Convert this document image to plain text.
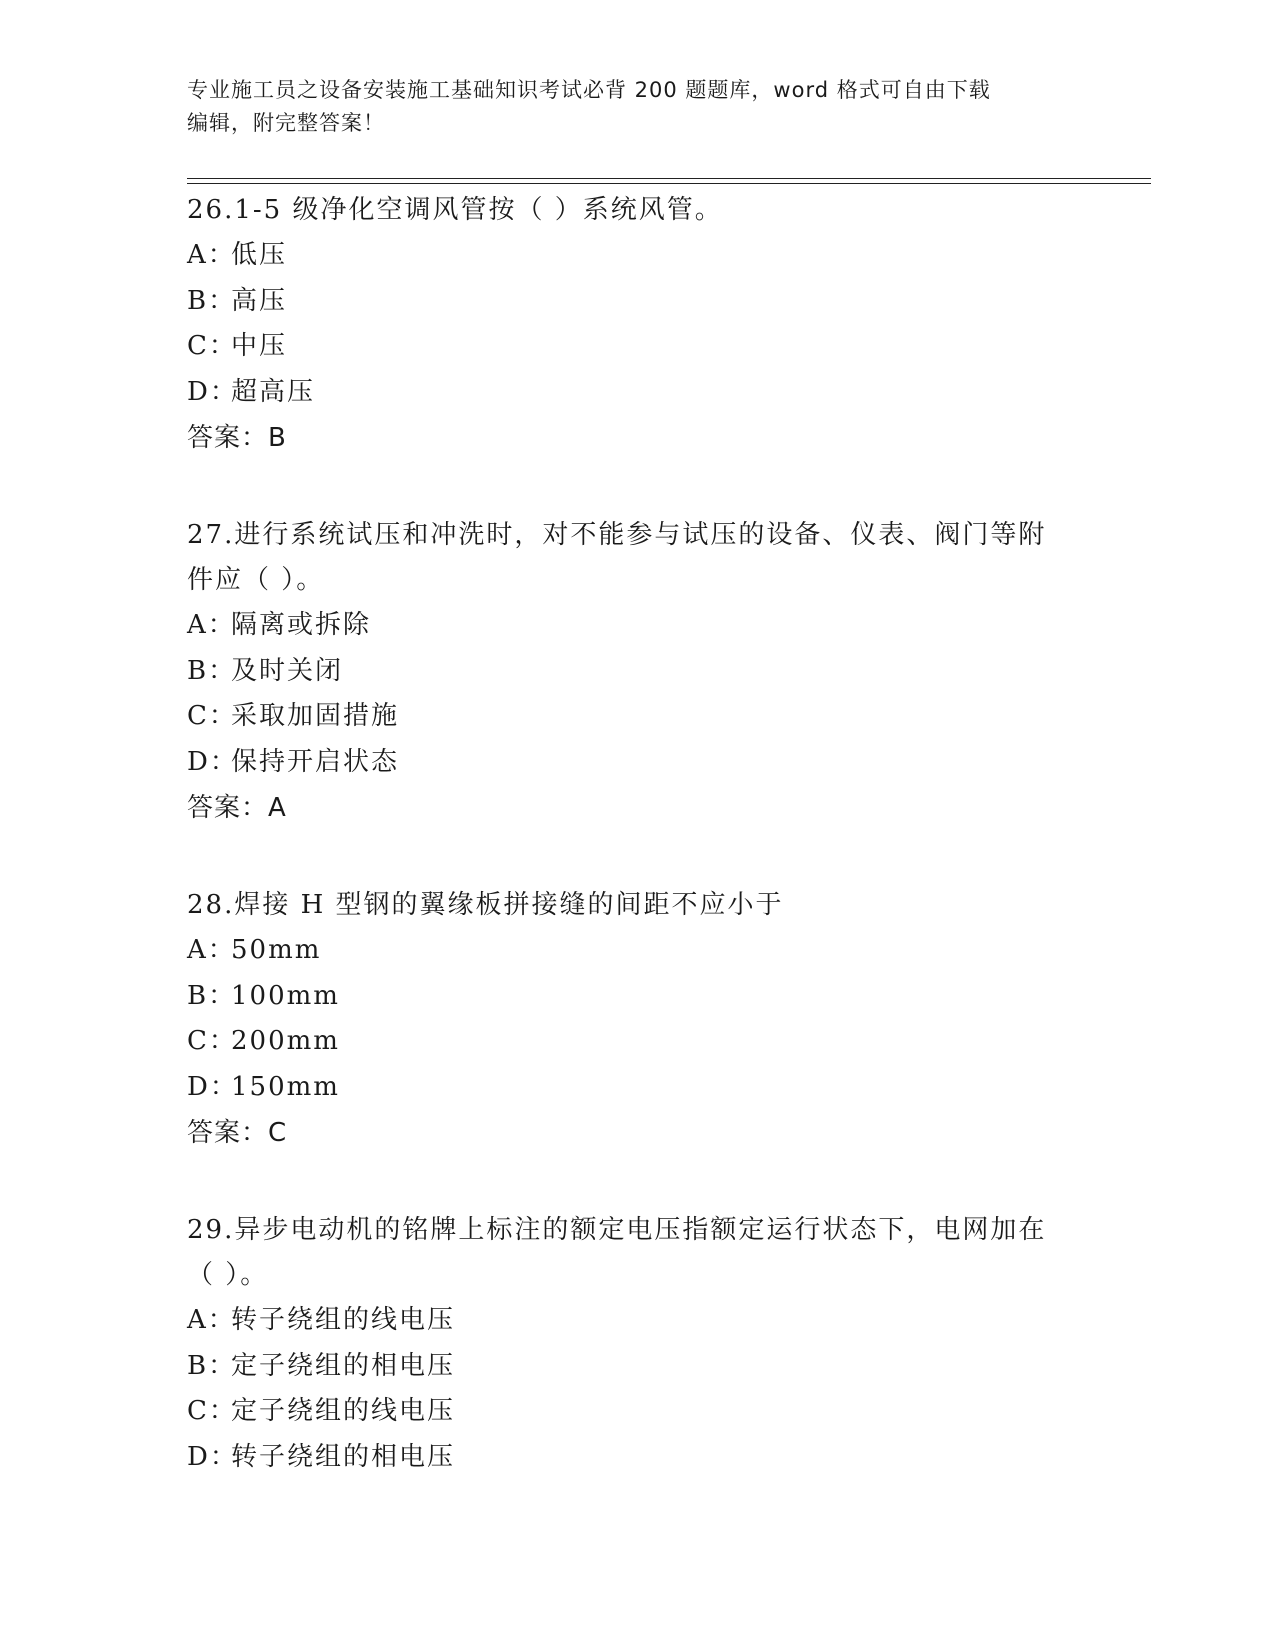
专业施工员之设备安装施工基础知识考试必背 200 题题库，word 格式可自由下载
编辑，附完整答案！
26.1-5 级净化空调风管按（ ）系统风管。
A：低压
B：高压
C：中压
D：超高压
答案：B
27.进行系统试压和冲洗时，对不能参与试压的设备、仪表、阀门等附
件应（ ）。
A：隔离或拆除
B：及时关闭
C：采取加固措施
D：保持开启状态
答案：A
28.焊接 H 型钢的翼缘板拼接缝的间距不应小于
A：50mm
B：100mm
C：200mm
D：150mm
答案：C
29.异步电动机的铭牌上标注的额定电压指额定运行状态下，电网加在
（ ）。
A：转子绕组的线电压
B：定子绕组的相电压
C：定子绕组的线电压
D：转子绕组的相电压
